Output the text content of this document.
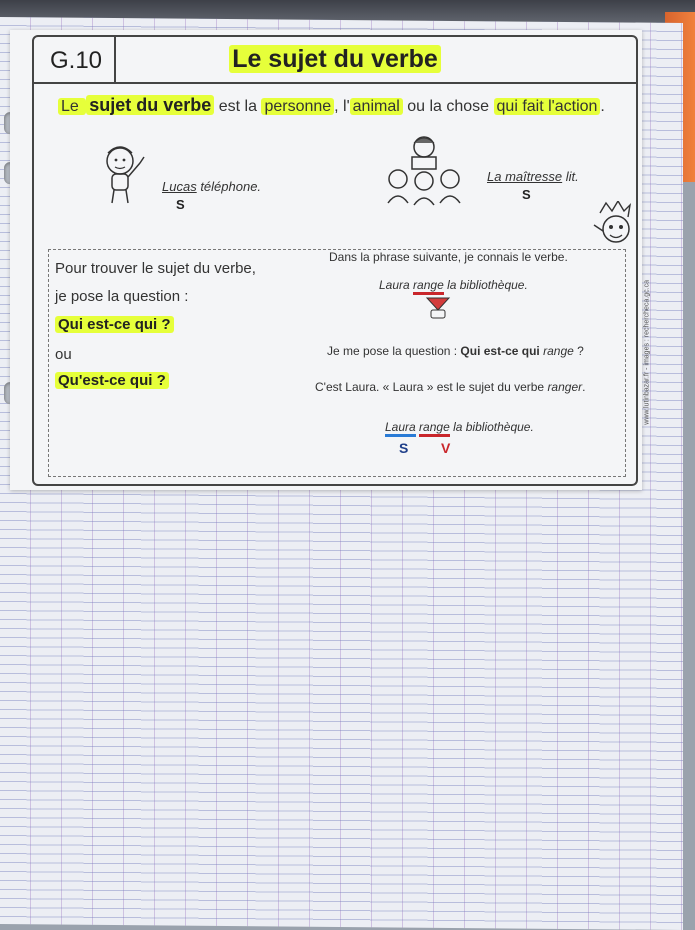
G.10	Le sujet du verbe
Le sujet du verbe est la personne , l' animal ou la chose qui fait l'action .
Lucas téléphone.
S
La maîtresse lit.
S
Pour trouver le sujet du verbe,
je pose la question :
Qui est-ce qui ?
ou
Qu'est-ce qui ?
Dans la phrase suivante, je connais le verbe.
Laura range la bibliothèque.
Je me pose la question : Qui est-ce qui range ?
C'est Laura. « Laura » est le sujet du verbe ranger.
Laura range la bibliothèque.
S V
www.lutinbazar.fr - images : rechercheca.gc.ca
